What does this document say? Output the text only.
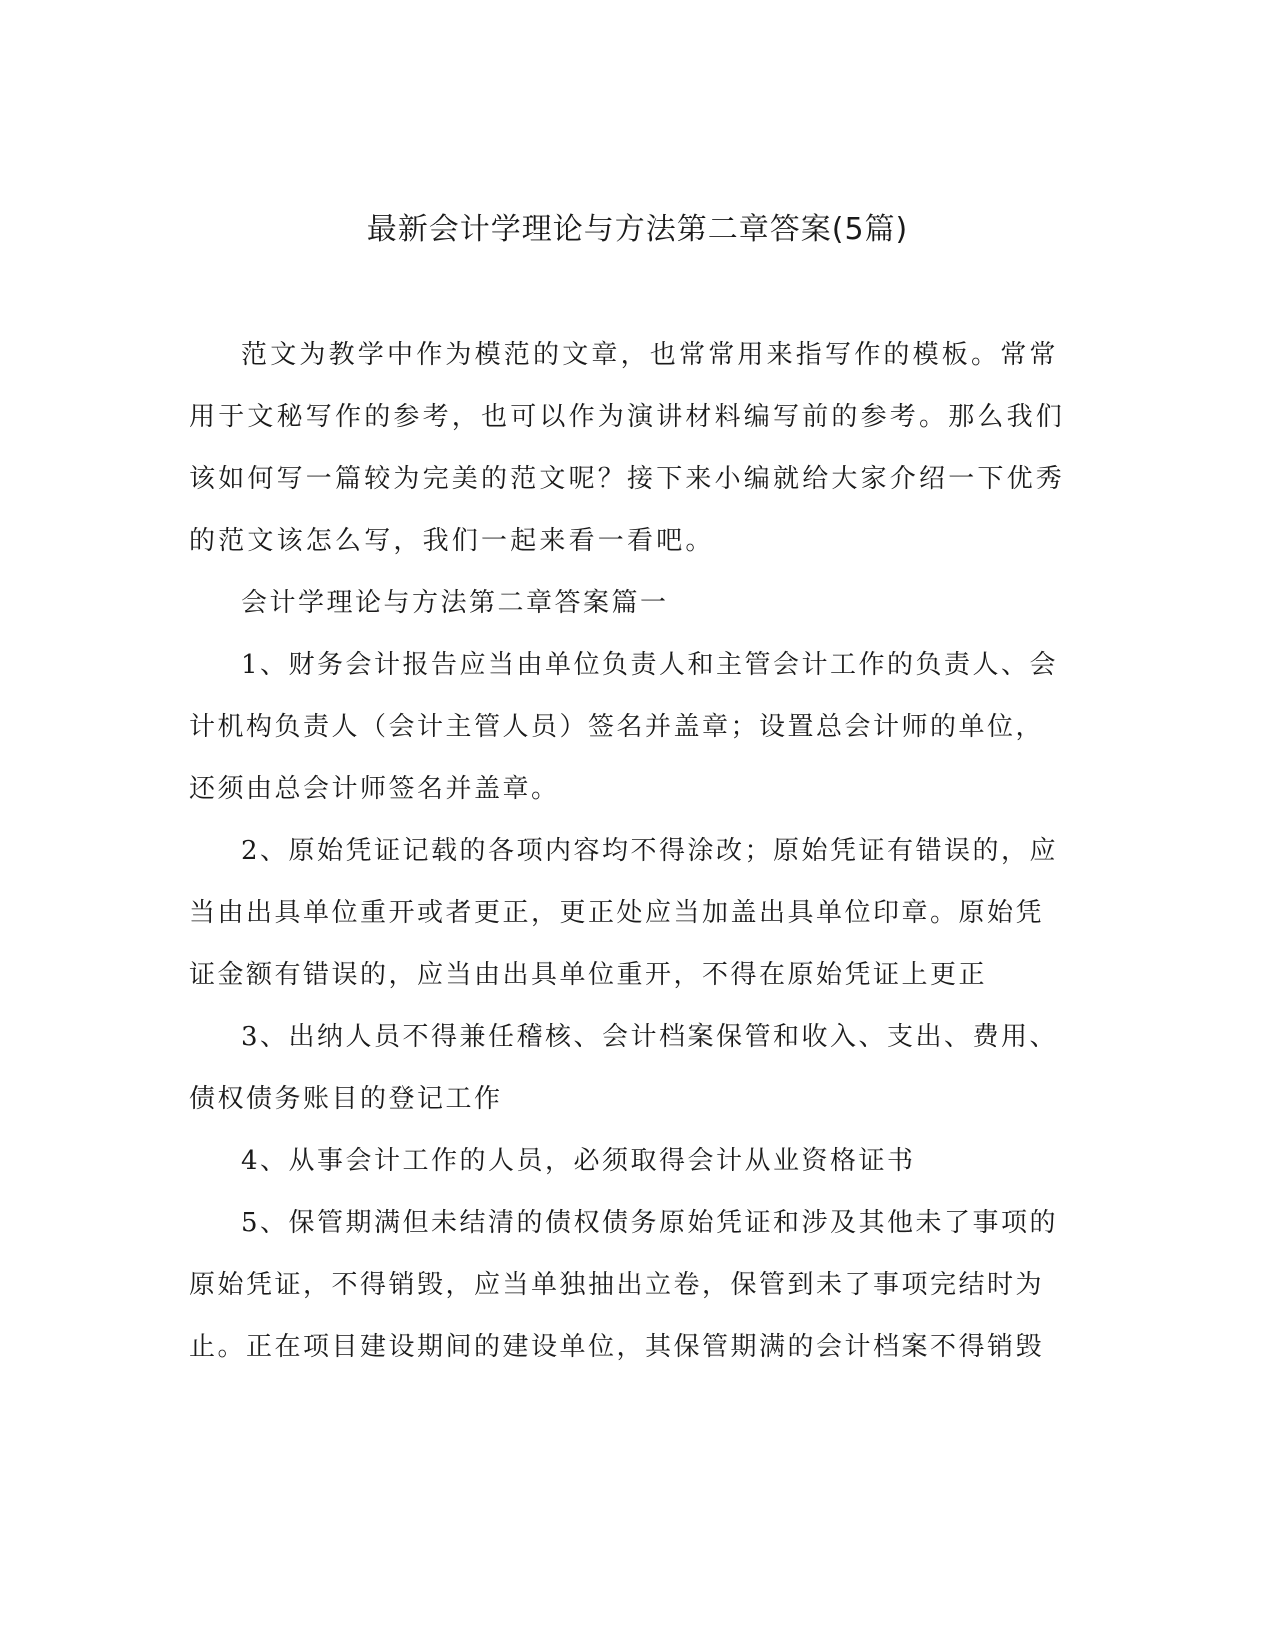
最新会计学理论与方法第二章答案(5篇)

范文为教学中作为模范的文章，也常常用来指写作的模板。常常用于文秘写作的参考，也可以作为演讲材料编写前的参考。那么我们该如何写一篇较为完美的范文呢？接下来小编就给大家介绍一下优秀的范文该怎么写，我们一起来看一看吧。

会计学理论与方法第二章答案篇一

1、财务会计报告应当由单位负责人和主管会计工作的负责人、会计机构负责人（会计主管人员）签名并盖章；设置总会计师的单位，还须由总会计师签名并盖章。

2、原始凭证记载的各项内容均不得涂改；原始凭证有错误的，应当由出具单位重开或者更正，更正处应当加盖出具单位印章。原始凭证金额有错误的，应当由出具单位重开，不得在原始凭证上更正

3、出纳人员不得兼任稽核、会计档案保管和收入、支出、费用、债权债务账目的登记工作

4、从事会计工作的人员，必须取得会计从业资格证书

5、保管期满但未结清的债权债务原始凭证和涉及其他未了事项的原始凭证，不得销毁，应当单独抽出立卷，保管到未了事项完结时为止。正在项目建设期间的建设单位，其保管期满的会计档案不得销毁
